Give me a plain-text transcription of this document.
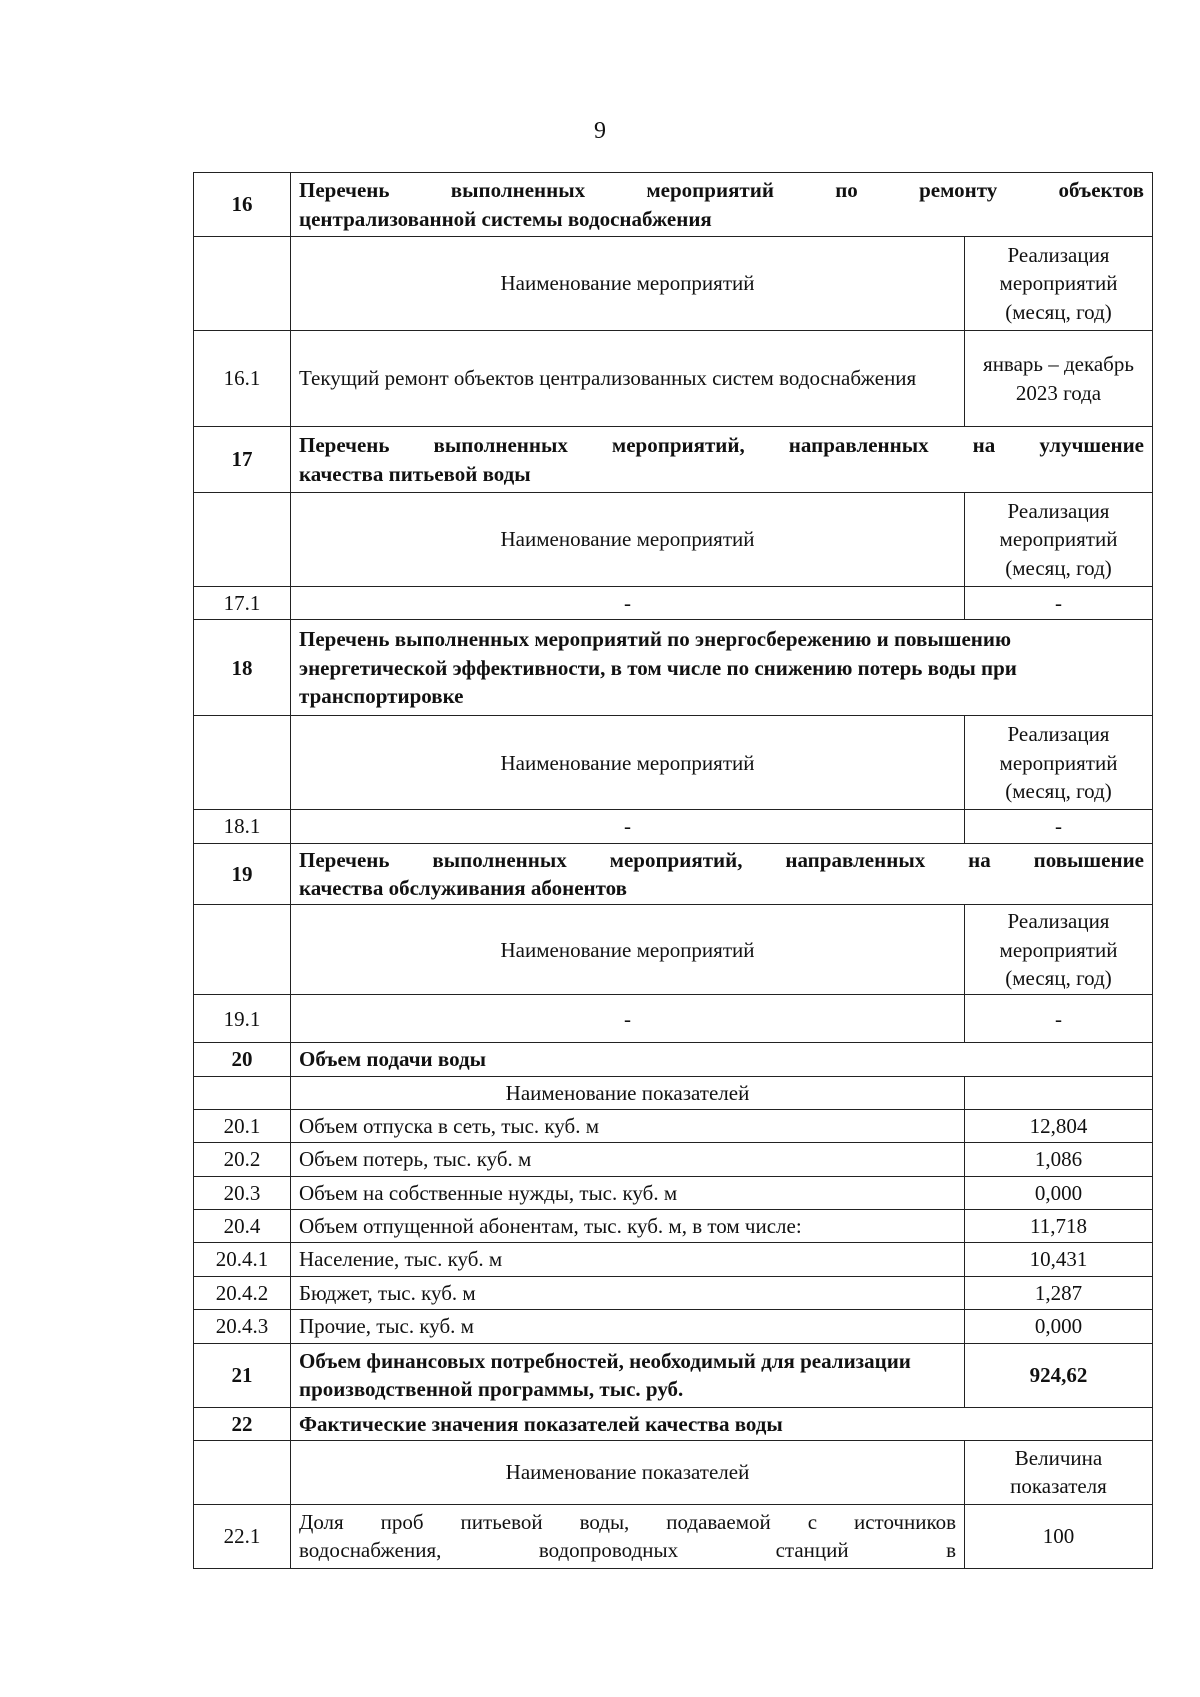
9
16	Перечень выполненных мероприятий по ремонту объектов
централизованной системы водоснабжения	

	Наименование мероприятий	Реализация мероприятий (месяц, год)
16.1	Текущий ремонт объектов централизованных систем водоснабжения	январь – декабрь 2023 года
17	Перечень выполненных мероприятий, направленных на улучшение
качества питьевой воды	

	Наименование мероприятий	Реализация мероприятий (месяц, год)
17.1	-	-
18	Перечень выполненных мероприятий по энергосбережению и повышению энергетической эффективности, в том числе по снижению потерь воды при транспортировке	
	Наименование мероприятий	Реализация мероприятий (месяц, год)
18.1	-	-
19	Перечень выполненных мероприятий, направленных на повышение
качества обслуживания абонентов	

	Наименование мероприятий	Реализация мероприятий (месяц, год)
19.1	-	-
20	Объем подачи воды	
	Наименование показателей	
20.1	Объем отпуска в сеть, тыс. куб. м	12,804
20.2	Объем потерь, тыс. куб. м	1,086
20.3	Объем на собственные нужды, тыс. куб. м	0,000
20.4	Объем отпущенной абонентам, тыс. куб. м, в том числе:	11,718
20.4.1	Население, тыс. куб. м	10,431
20.4.2	Бюджет, тыс. куб. м	1,287
20.4.3	Прочие, тыс. куб. м	0,000
21	Объем финансовых потребностей, необходимый для реализации производственной программы, тыс. руб.	924,62
22	Фактические значения показателей качества воды	
	Наименование показателей	Величина показателя
22.1	Доля проб питьевой воды, подаваемой с источников
водоснабжения, водопроводных станций в	100
